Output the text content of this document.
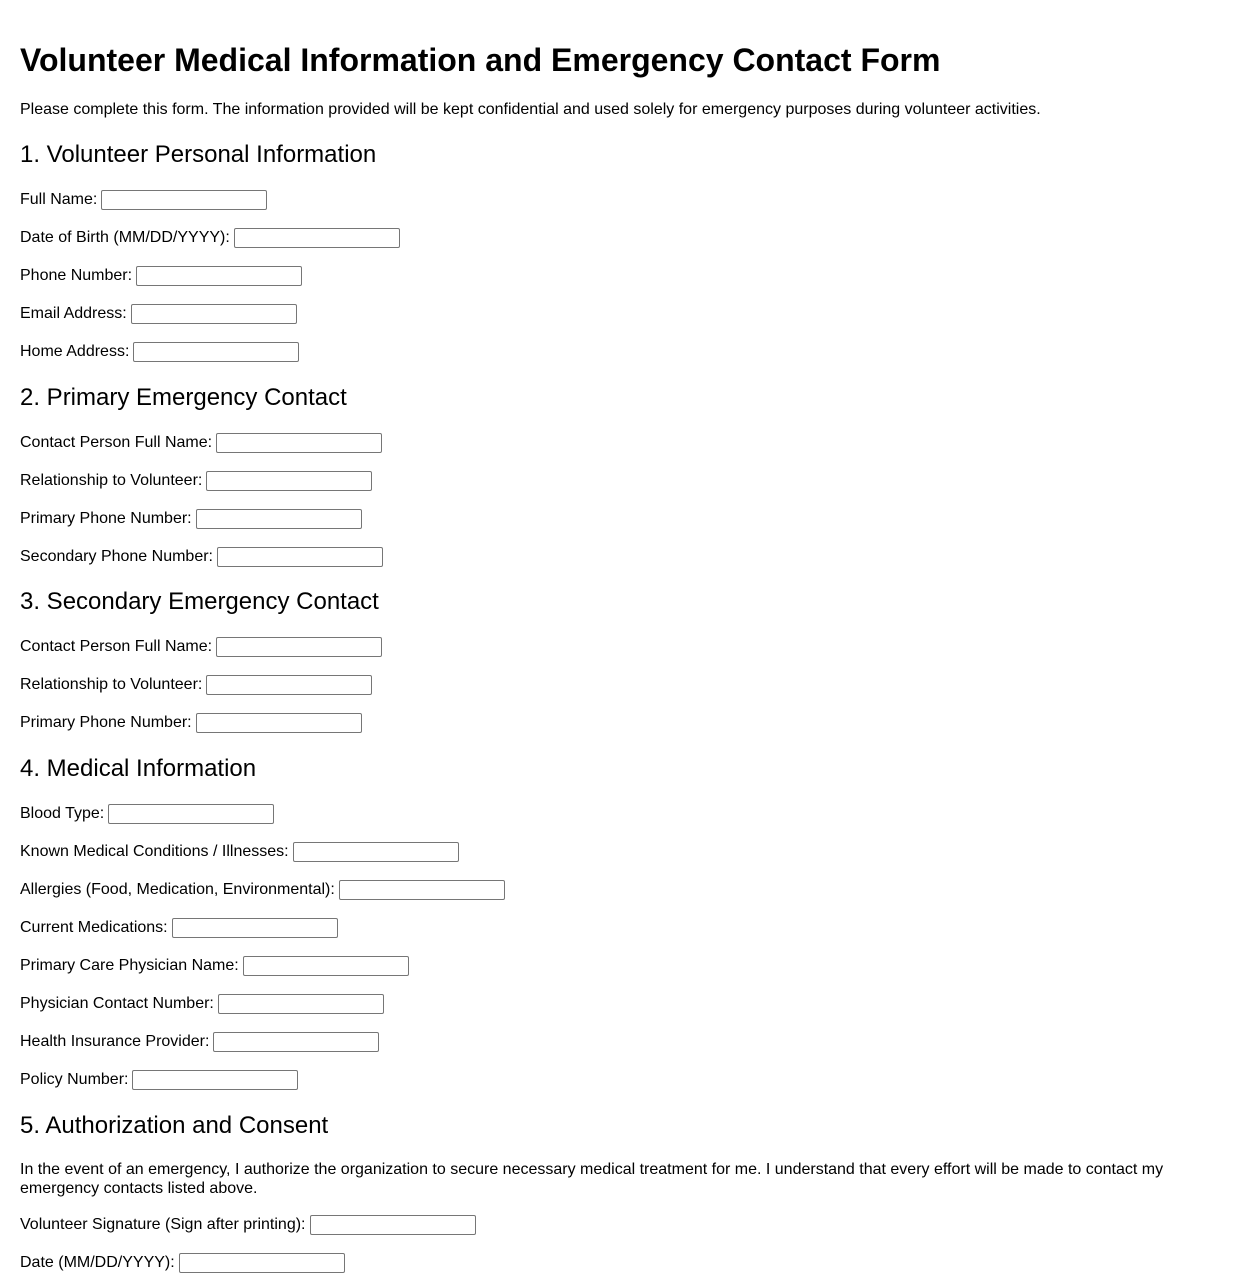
Volunteer Medical Information and Emergency Contact Form

Please complete this form. The information provided will be kept confidential and used solely for emergency purposes during volunteer activities.

1. Volunteer Personal Information
Full Name:
Date of Birth (MM/DD/YYYY):
Phone Number:
Email Address:
Home Address:
2. Primary Emergency Contact
Contact Person Full Name:
Relationship to Volunteer:
Primary Phone Number:
Secondary Phone Number:
3. Secondary Emergency Contact
Contact Person Full Name:
Relationship to Volunteer:
Primary Phone Number:
4. Medical Information
Blood Type:
Known Medical Conditions / Illnesses:
Allergies (Food, Medication, Environmental):
Current Medications:
Primary Care Physician Name:
Physician Contact Number:
Health Insurance Provider:
Policy Number:
5. Authorization and Consent

In the event of an emergency, I authorize the organization to secure necessary medical treatment for me. I understand that every effort will be made to contact my emergency contacts listed above.

Volunteer Signature (Sign after printing):
Date (MM/DD/YYYY):
